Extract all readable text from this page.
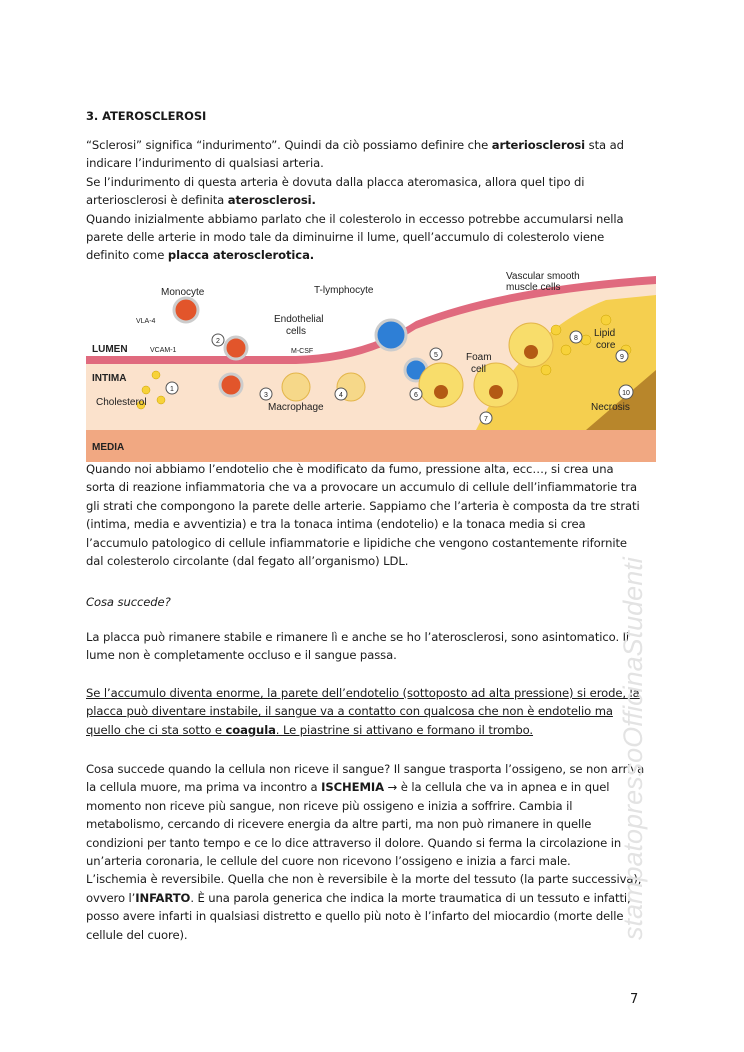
3. ATEROSCLEROSI

“Sclerosi” significa “indurimento”. Quindi da ciò possiamo definire che arteriosclerosi sta ad indicare l’indurimento di qualsiasi arteria.

Se l’indurimento di questa arteria è dovuta dalla placca ateromasica, allora quel tipo di arteriosclerosi è definita aterosclerosi.

Quando inizialmente abbiamo parlato che il colesterolo in eccesso potrebbe accumularsi nella parete delle arterie in modo tale da diminuirne il lume, quell’accumulo di colesterolo viene definito come placca aterosclerotica.

Monocyte
VLA-4
LUMEN	VCAM-1
INTIMA
Cholesterol
MEDIA
Endothelial
cells
M-CSF
Macrophage
T-lymphocyte
Foam
cell
Vascular smooth
muscle cells
Lipid
core
Necrosis
1
2
3	4
5
6
7
8
9
10
Quando noi abbiamo l’endotelio che è modificato da fumo, pressione alta, ecc…, si crea una sorta di reazione infiammatoria che va a provocare un accumulo di cellule dell’infiammatorie tra gli strati che compongono la parete delle arterie. Sappiamo che l’arteria è composta da tre strati (intima, media e avventizia) e tra la tonaca intima (endotelio) e la tonaca media si crea l’accumulo patologico di cellule infiammatorie e lipidiche che vengono costantemente rifornite dal colesterolo circolante (dal fegato all’organismo) LDL.
Cosa succede?
La placca può rimanere stabile e rimanere lì e anche se ho l’aterosclerosi, sono asintomatico. Il lume non è completamente occluso e il sangue passa.
Se l’accumulo diventa enorme, la parete dell’endotelio (sottoposto ad alta pressione) si erode, la placca può diventare instabile, il sangue va a contatto con qualcosa che non è endotelio ma quello che ci sta sotto e coagula. Le piastrine si attivano e formano il trombo.

Cosa succede quando la cellula non riceve il sangue? Il sangue trasporta l’ossigeno, se non arriva la cellula muore, ma prima va incontro a ISCHEMIA → è la cellula che va in apnea e in quel momento non riceve più sangue, non riceve più ossigeno e inizia a soffrire. Cambia il metabolismo, cercando di ricevere energia da altre parti, ma non può rimanere in quelle condizioni per tanto tempo e ce lo dice attraverso il dolore. Quando si ferma la circolazione in un’arteria coronaria, le cellule del cuore non ricevono l’ossigeno e inizia a farci male.

L’ischemia è reversibile. Quella che non è reversibile è la morte del tessuto (la parte successiva), ovvero l’INFARTO. È una parola generica che indica la morte traumatica di un tessuto e infatti, posso avere infarti in qualsiasi distretto e quello più noto è l’infarto del miocardio (morte delle cellule del cuore).	stampatopressoOfficinaStudenti
7
